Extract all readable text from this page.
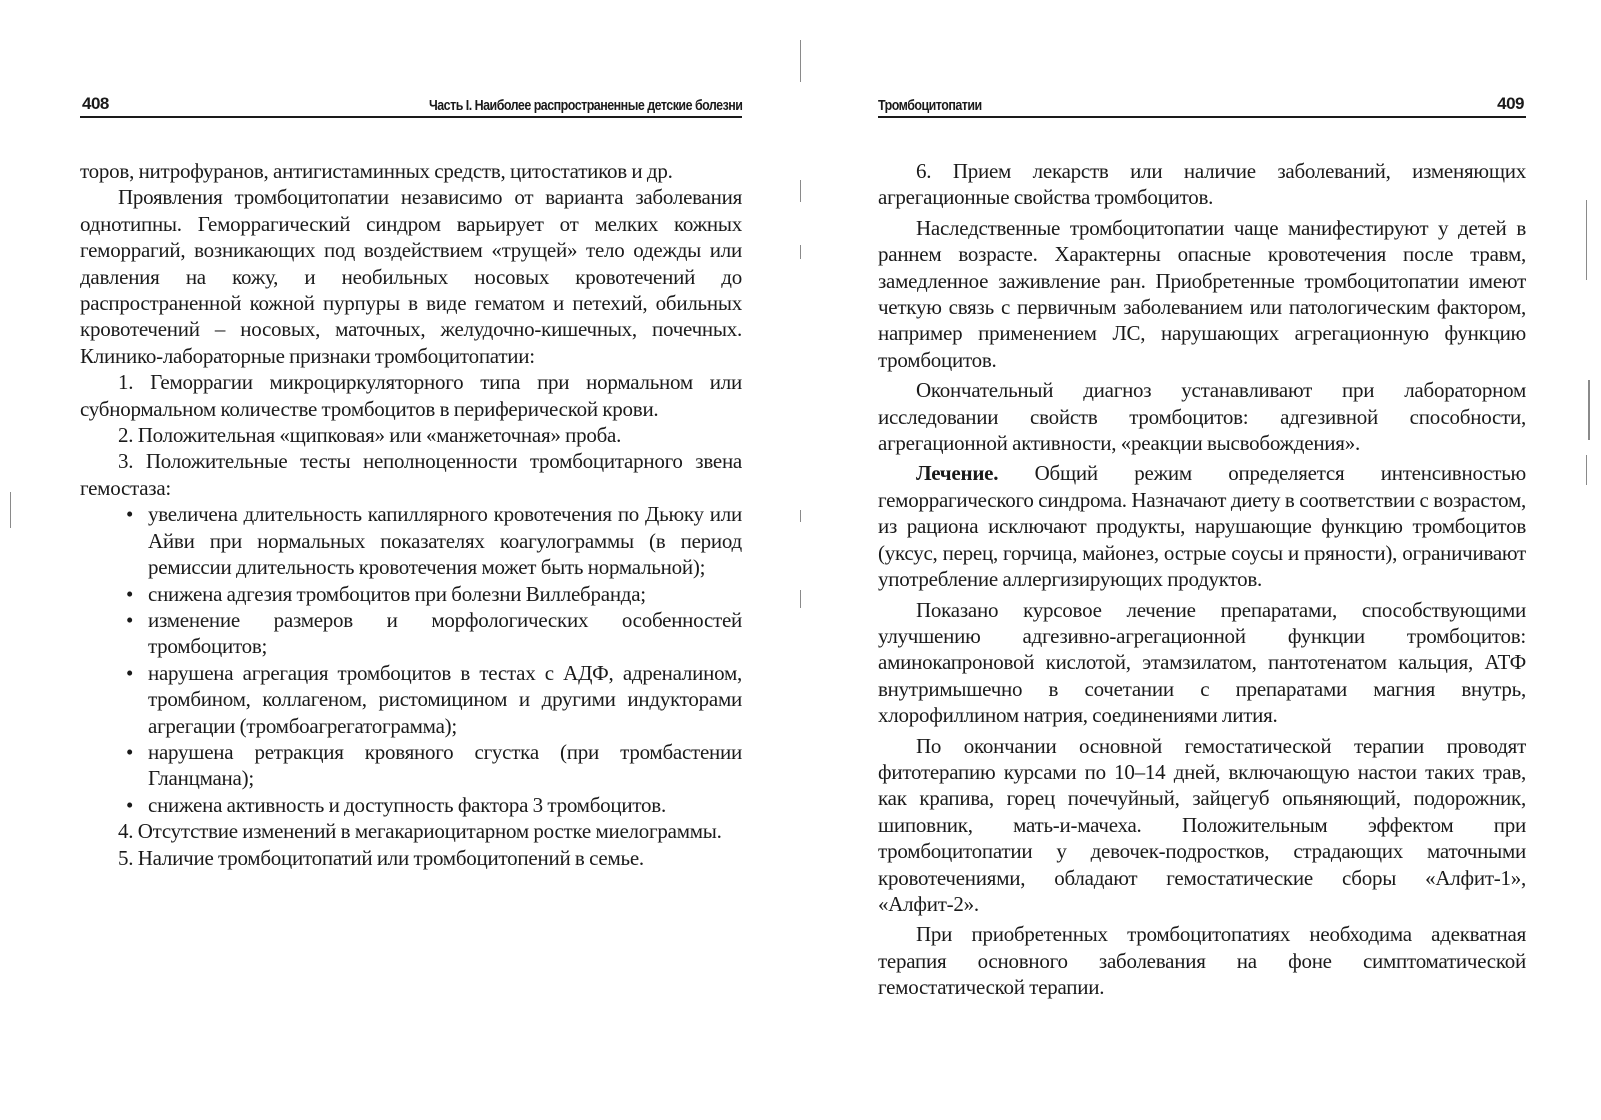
408	Часть I. Наиболее распространенные детские болезни

торов, нитрофуранов, антигистаминных средств, цитостатиков и др.

Проявления тромбоцитопатии независимо от варианта заболевания однотипны. Геморрагический синдром варьирует от мелких кожных геморрагий, возникающих под воздействием «трущей» тело одежды или давления на кожу, и необильных носовых кровотечений до распространенной кожной пурпуры в виде гематом и петехий, обильных кровотечений – носовых, маточных, желудочно-кишечных, почечных. Клинико-лабораторные признаки тромбоцитопатии:

1. Геморрагии микроциркуляторного типа при нормальном или субнормальном количестве тромбоцитов в периферической крови.

2. Положительная «щипковая» или «манжеточная» проба.

3. Положительные тесты неполноценности тромбоцитарного звена гемостаза:

• увеличена длительность капиллярного кровотечения по Дьюку или Айви при нормальных показателях коагулограммы (в период ремиссии длительность кровотечения может быть нормальной);

• снижена адгезия тромбоцитов при болезни Виллебранда;

• изменение размеров и морфологических особенностей тромбоцитов;

• нарушена агрегация тромбоцитов в тестах с АДФ, адреналином, тромбином, коллагеном, ристомицином и другими индукторами агрегации (тромбоагрегатограмма);

• нарушена ретракция кровяного сгустка (при тромбастении Гланцмана);

• снижена активность и доступность фактора 3 тромбоцитов.

4. Отсутствие изменений в мегакариоцитарном ростке миелограммы.

5. Наличие тромбоцитопатий или тромбоцитопений в семье.

Тромбоцитопатии	409

6. Прием лекарств или наличие заболеваний, изменяющих агрегационные свойства тромбоцитов.

Наследственные тромбоцитопатии чаще манифестируют у детей в раннем возрасте. Характерны опасные кровотечения после травм, замедленное заживление ран. Приобретенные тромбоцитопатии имеют четкую связь с первичным заболеванием или патологическим фактором, например применением ЛС, нарушающих агрегационную функцию тромбоцитов.

Окончательный диагноз устанавливают при лабораторном исследовании свойств тромбоцитов: адгезивной способности, агрегационной активности, «реакции высвобождения».

Лечение. Общий режим определяется интенсивностью геморрагического синдрома. Назначают диету в соответствии с возрастом, из рациона исключают продукты, нарушающие функцию тромбоцитов (уксус, перец, горчица, майонез, острые соусы и пряности), ограничивают употребление аллергизирующих продуктов.

Показано курсовое лечение препаратами, способствующими улучшению адгезивно-агрегационной функции тромбоцитов: аминокапроновой кислотой, этамзилатом, пантотенатом кальция, АТФ внутримышечно в сочетании с препаратами магния внутрь, хлорофиллином натрия, соединениями лития.

По окончании основной гемостатической терапии проводят фитотерапию курсами по 10–14 дней, включающую настои таких трав, как крапива, горец почечуйный, зайцегуб опьяняющий, подорожник, шиповник, мать-и-мачеха. Положительным эффектом при тромбоцитопатии у девочек-подростков, страдающих маточными кровотечениями, обладают гемостатические сборы «Алфит-1», «Алфит-2».

При приобретенных тромбоцитопатиях необходима адекватная терапия основного заболевания на фоне симптоматической гемостатической терапии.
